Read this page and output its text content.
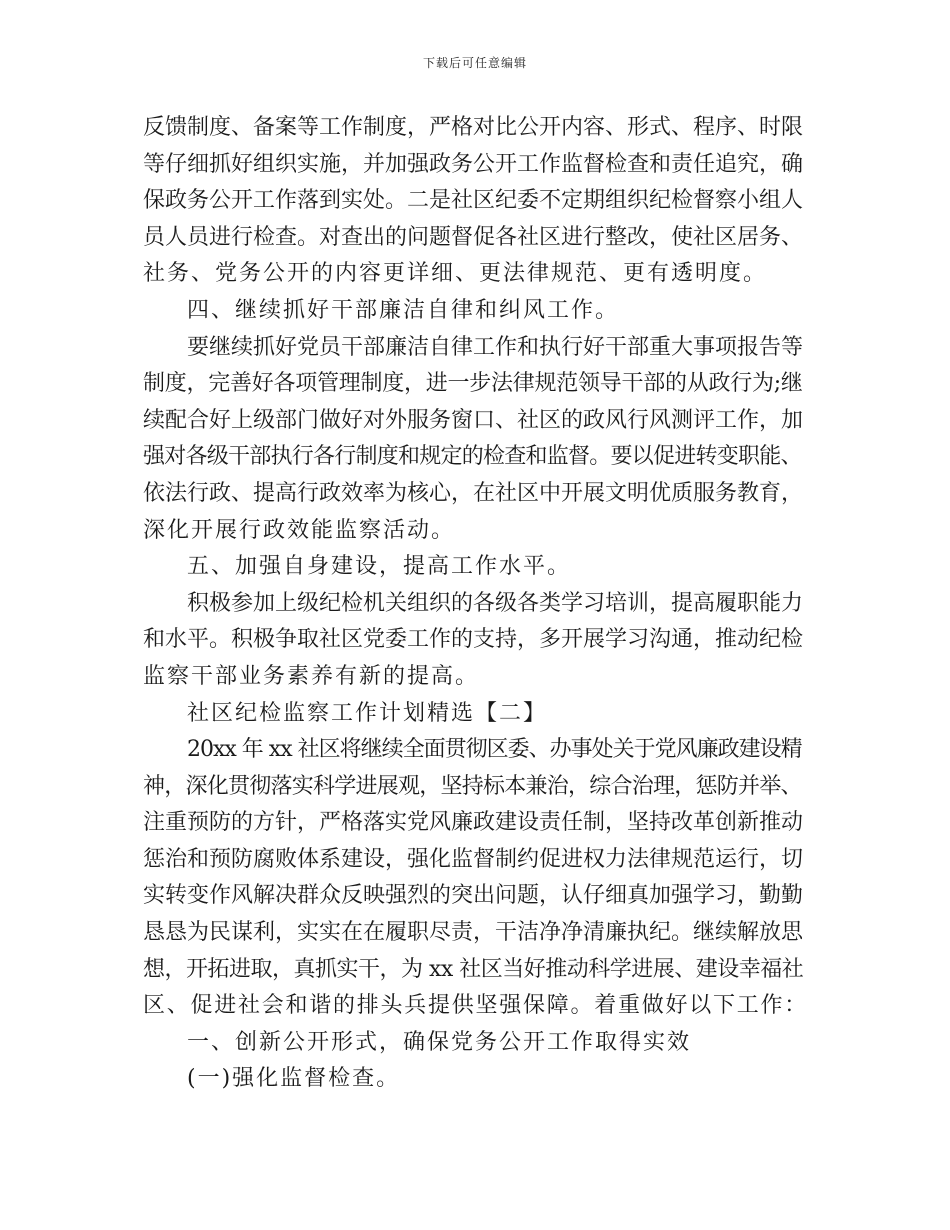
下载后可任意编辑
反馈制度、备案等工作制度，严格对比公开内容、形式、程序、时限
等仔细抓好组织实施，并加强政务公开工作监督检查和责任追究，确
保政务公开工作落到实处。二是社区纪委不定期组织纪检督察小组人
员人员进行检查。对查出的问题督促各社区进行整改，使社区居务、
社务、党务公开的内容更详细、更法律规范、更有透明度。
四、继续抓好干部廉洁自律和纠风工作。
要继续抓好党员干部廉洁自律工作和执行好干部重大事项报告等
制度，完善好各项管理制度，进一步法律规范领导干部的从政行为;继
续配合好上级部门做好对外服务窗口、社区的政风行风测评工作，加
强对各级干部执行各行制度和规定的检查和监督。要以促进转变职能、
依法行政、提高行政效率为核心，在社区中开展文明优质服务教育，
深化开展行政效能监察活动。
五、加强自身建设，提高工作水平。
积极参加上级纪检机关组织的各级各类学习培训，提高履职能力
和水平。积极争取社区党委工作的支持，多开展学习沟通，推动纪检
监察干部业务素养有新的提高。
社区纪检监察工作计划精选【二】
20xx 年 xx 社区将继续全面贯彻区委、办事处关于党风廉政建设精
神，深化贯彻落实科学进展观，坚持标本兼治，综合治理，惩防并举、
注重预防的方针，严格落实党风廉政建设责任制，坚持改革创新推动
惩治和预防腐败体系建设，强化监督制约促进权力法律规范运行，切
实转变作风解决群众反映强烈的突出问题，认仔细真加强学习，勤勤
恳恳为民谋利，实实在在履职尽责，干洁净净清廉执纪。继续解放思
想，开拓进取，真抓实干，为 xx 社区当好推动科学进展、建设幸福社
区、促进社会和谐的排头兵提供坚强保障。着重做好以下工作：
一、创新公开形式，确保党务公开工作取得实效
(一)强化监督检查。
